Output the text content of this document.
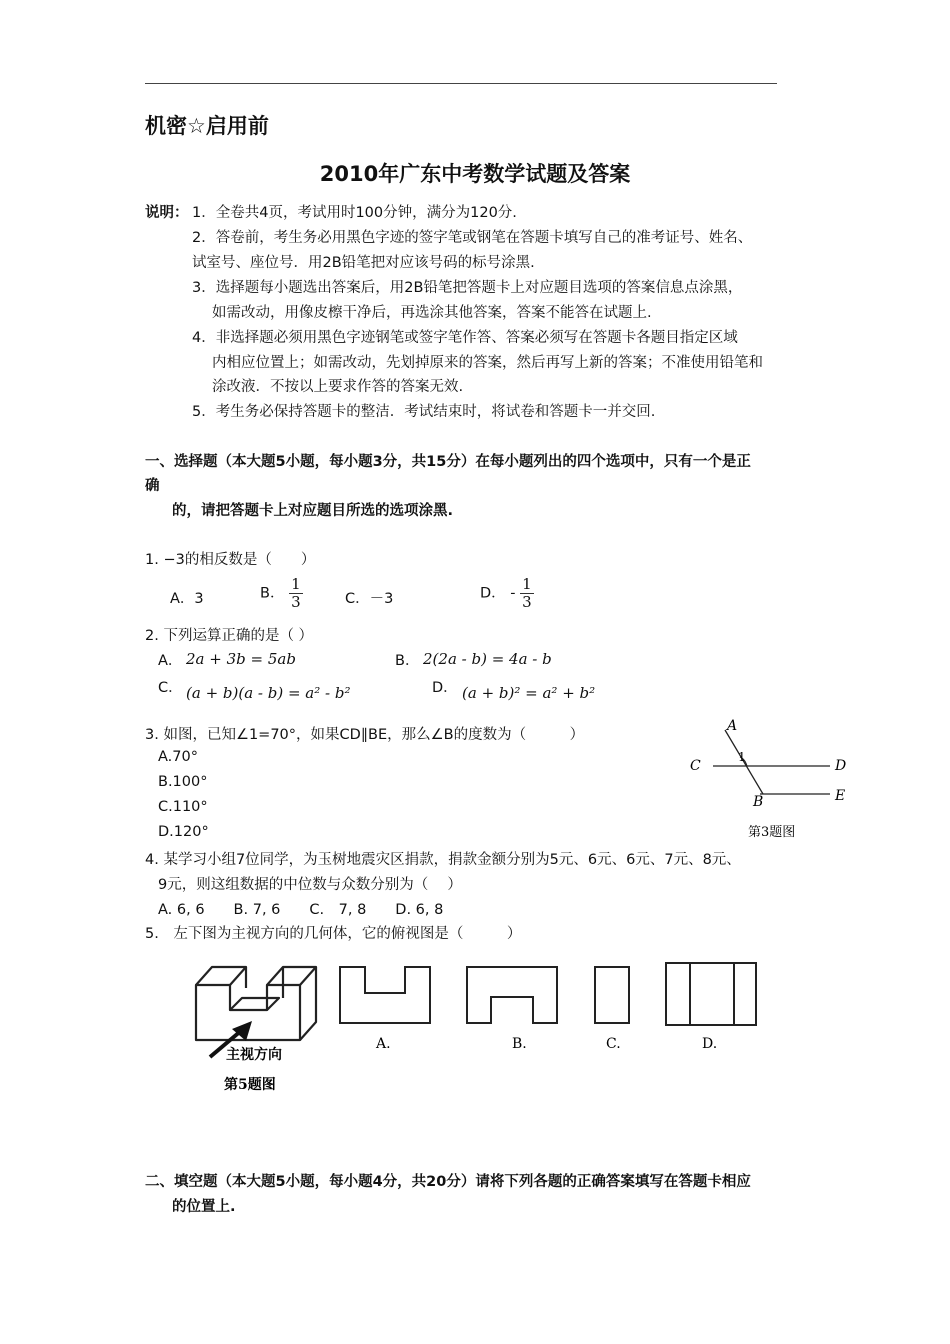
机密☆启用前
2010年广东中考数学试题及答案
说明： 1．全卷共4页，考试用时100分钟，满分为120分.
2．答卷前，考生务必用黑色字迹的签字笔或钢笔在答题卡填写自己的准考证号、姓名、
试室号、座位号．用2B铅笔把对应该号码的标号涂黑.
3．选择题每小题选出答案后，用2B铅笔把答题卡上对应题目选项的答案信息点涂黑，
如需改动，用像皮檫干净后，再选涂其他答案，答案不能答在试题上.
4．非选择题必须用黑色字迹钢笔或签字笔作答、答案必须写在答题卡各题目指定区域
内相应位置上；如需改动，先划掉原来的答案，然后再写上新的答案；不准使用铅笔和
涂改液．不按以上要求作答的答案无效.
5．考生务必保持答题卡的整洁．考试结束时，将试卷和答题卡一并交回.
一、选择题（本大题5小题，每小题3分，共15分）在每小题列出的四个选项中，只有一个是正
确
的，请把答题卡上对应题目所选的选项涂黑.
1. −3的相反数是（　　）
A．3	B． $\frac{1}{3}$	C．－3	D． - $\frac{1}{3}$
2. 下列运算正确的是（ ）
A． 2a + 3b = 5ab	B． 2(2a - b) = 4a - b
C． (a + b)(a - b) = a² - b²	D． (a + b)² = a² + b²
3. 如图，已知∠1=70°，如果CD∥BE，那么∠B的度数为（　　　）
A.70°
B.100°
C.110°
D.120°
A
C	D
B	E
1
第3题图
4. 某学习小组7位同学，为玉树地震灾区捐款，捐款金额分别为5元、6元、6元、7元、8元、
9元，则这组数据的中位数与众数分别为（　 ）
A. 6, 6　　B. 7, 6　　C.　7, 8　　D. 6, 8
5.　左下图为主视方向的几何体，它的俯视图是（　　　）
主视方向
第5题图
A.	B.	C.	D.
二、填空题（本大题5小题，每小题4分，共20分）请将下列各题的正确答案填写在答题卡相应
的位置上.
